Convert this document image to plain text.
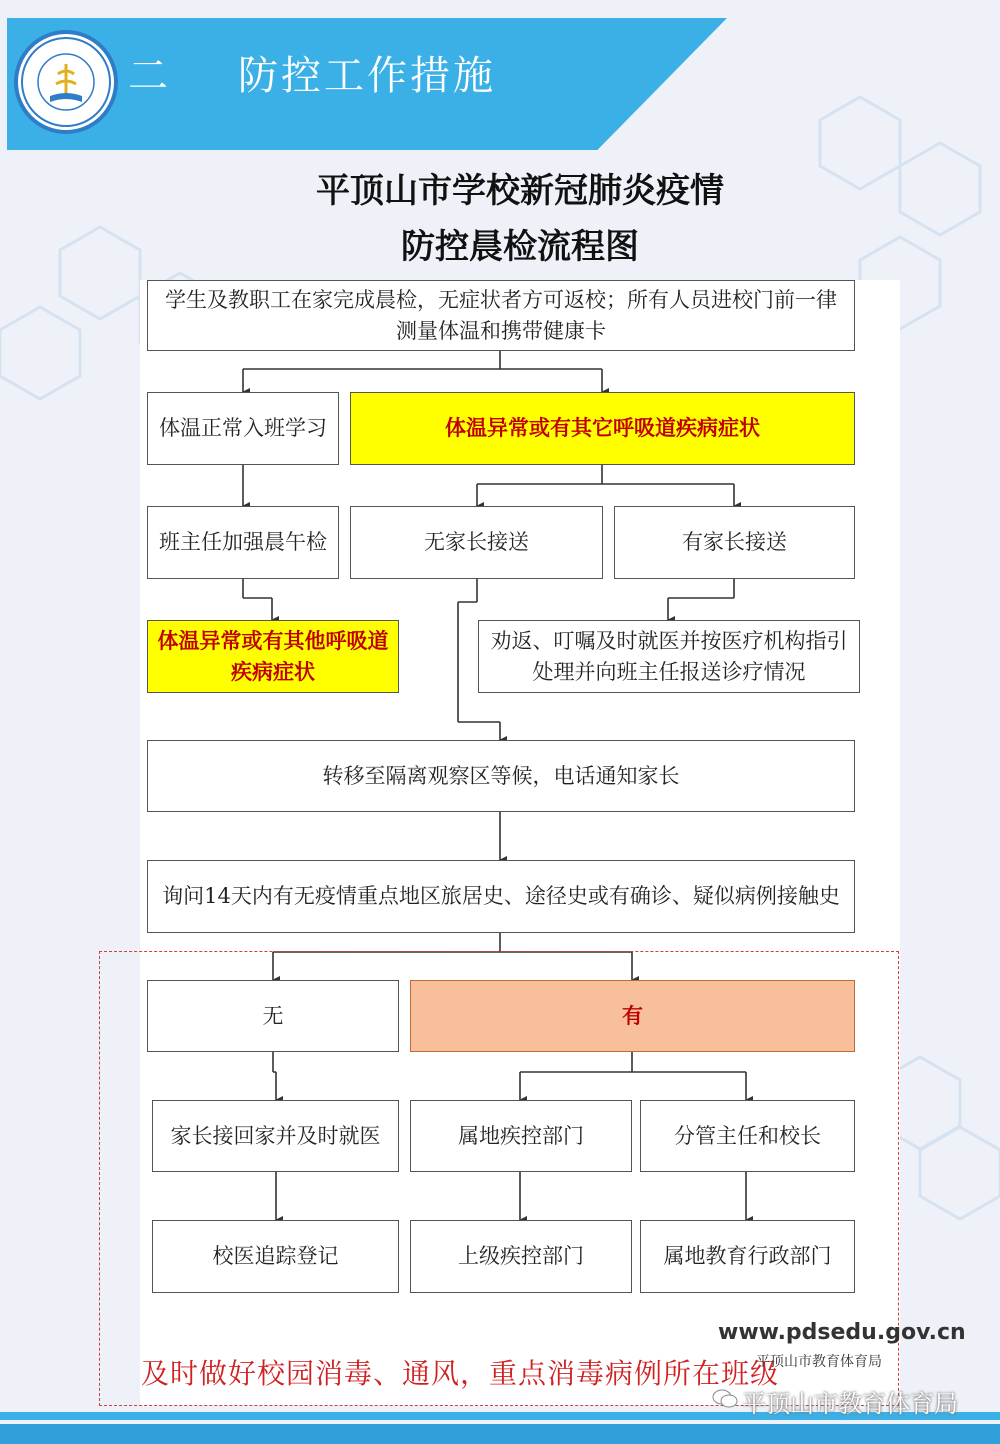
二 防控工作措施
平顶山市学校新冠肺炎疫情
防控晨检流程图
学生及教职工在家完成晨检，无症状者方可返校；所有人员进校门前一律测量体温和携带健康卡
体温正常入班学习	体温异常或有其它呼吸道疾病症状
班主任加强晨午检	无家长接送	有家长接送
体温异常或有其他呼吸道疾病症状
劝返、叮嘱及时就医并按医疗机构指引处理并向班主任报送诊疗情况
转移至隔离观察区等候，电话通知家长
询问14天内有无疫情重点地区旅居史、途径史或有确诊、疑似病例接触史
无	有
家长接回家并及时就医	属地疾控部门	分管主任和校长
校医追踪登记	上级疾控部门	属地教育行政部门
及时做好校园消毒、通风，重点消毒病例所在班级
www.pdsedu.gov.cn
平顶山市教育体育局
平顶山市教育体育局
